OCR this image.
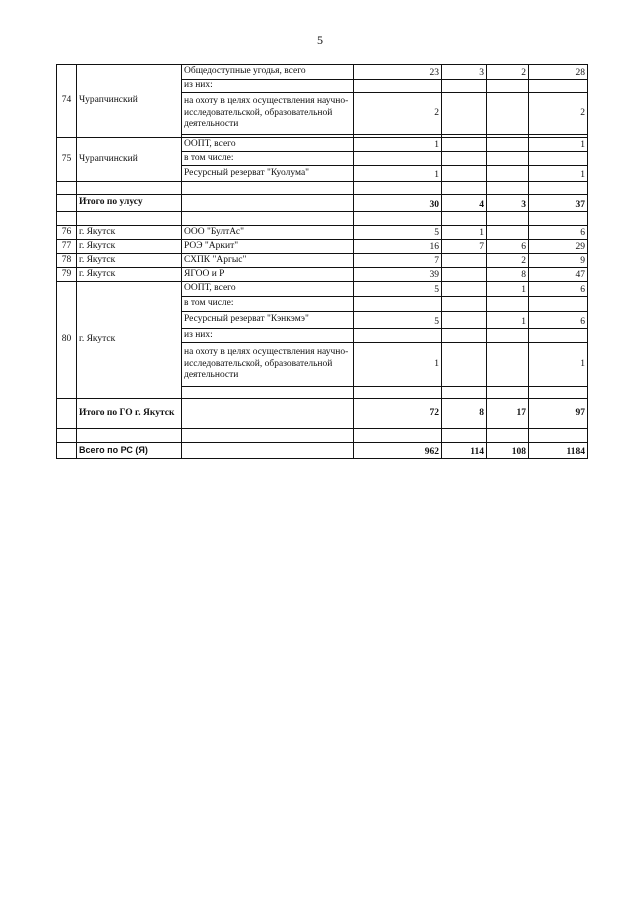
5
74	Чурапчинский	Общедоступные угодья, всего	23	3	2	28
		из них:				
		на охоту в целях осуществления научно-исследовательской, образовательной деятельности	2			2

75	Чурапчинский	ООПТ, всего	1			1
		в том числе:				
		Ресурсный резерват "Куолума"	1			1

	Итого по улусу		30	4	3	37

76	г. Якутск	ООО "БултАс"	5	1		6
77	г. Якутск	РОЭ "Аркит"	16	7	6	29
78	г. Якутск	СХПК "Аргыс"	7		2	9
79	г. Якутск	ЯГОО и Р	39		8	47
80	г. Якутск	ООПТ, всего	5		1	6
		в том числе:				
		Ресурсный резерват "Кэнкэмэ"	5		1	6
		из них:				
		на охоту в целях осуществления научно-исследовательской, образовательной деятельности	1			1

	Итого по ГО г. Якутск		72	8	17	97

	Всего по РС (Я)		962	114	108	1184
